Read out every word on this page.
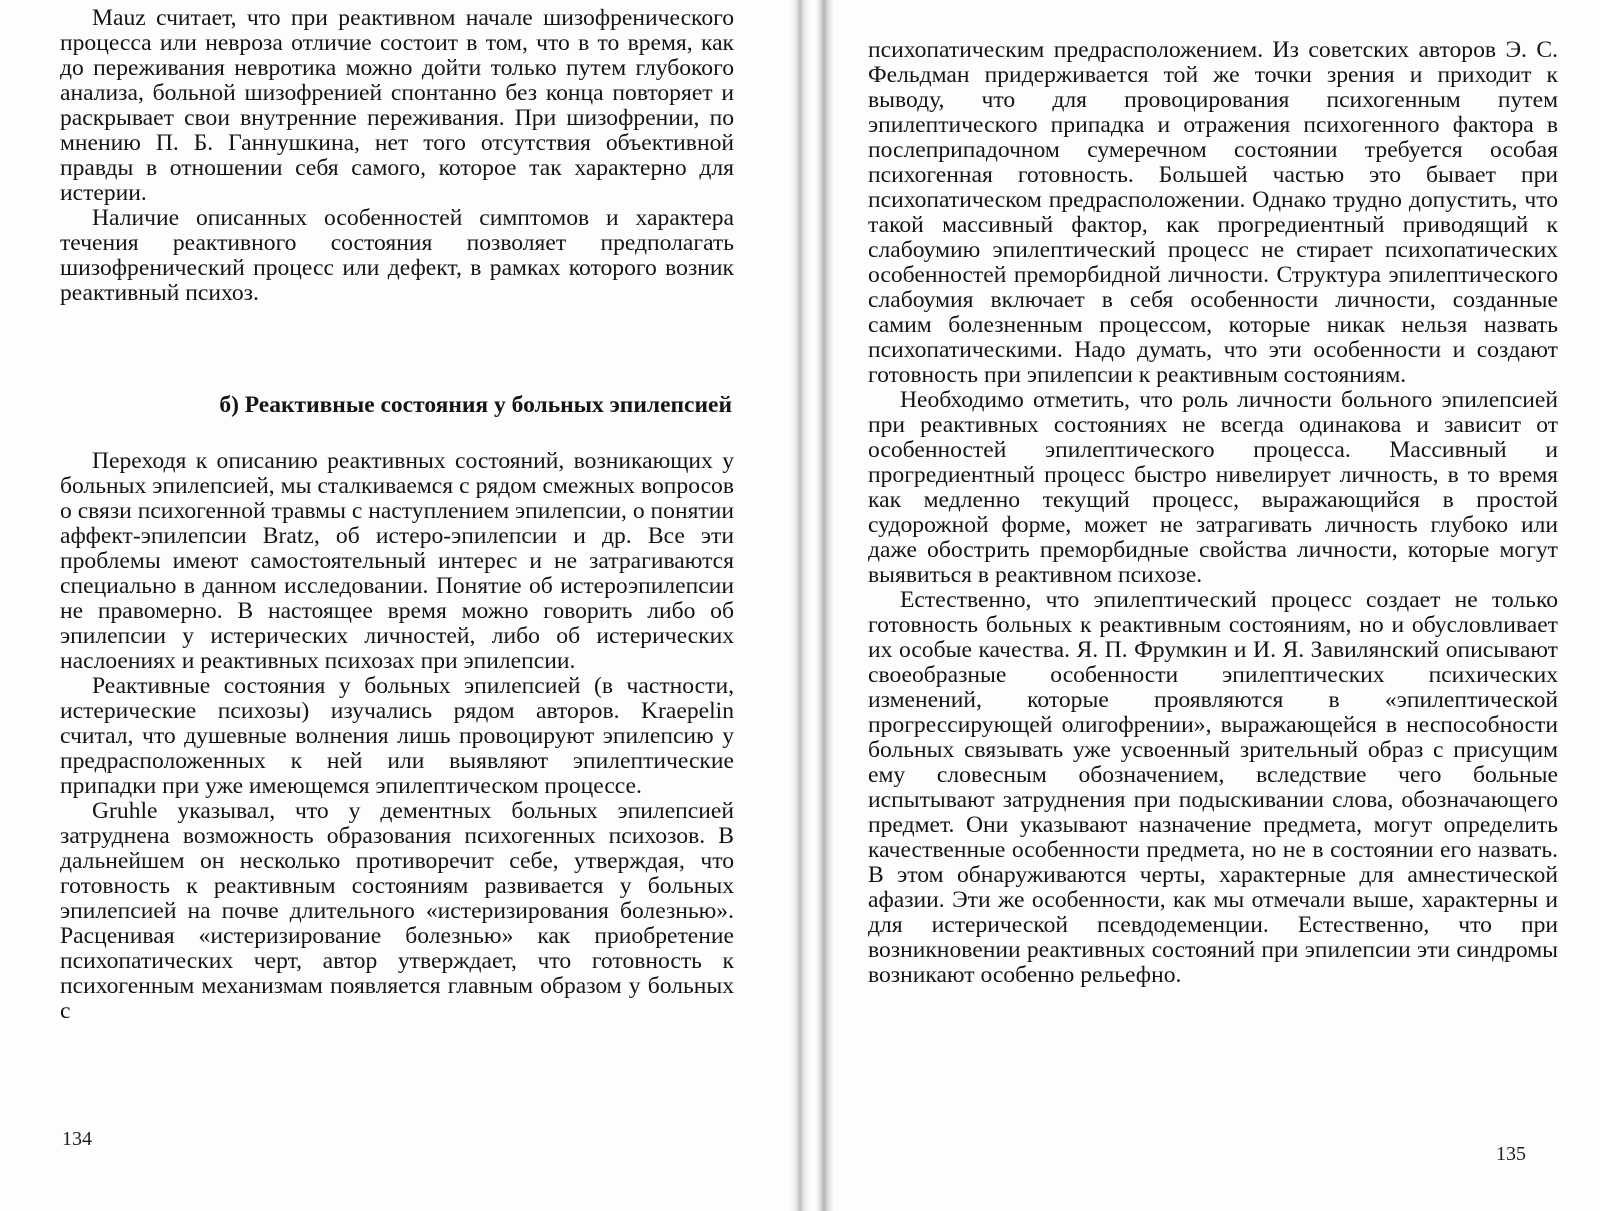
Mauz считает, что при реактивном начале шизофренического процесса или невроза отличие состоит в том, что в то время, как до переживания невротика можно дойти только путем глубокого анализа, больной шизофренией спонтанно без конца повторяет и раскрывает свои внутренние переживания. При шизофрении, по мнению П. Б. Ганнушкина, нет того отсутствия объективной правды в отношении себя самого, которое так характерно для истерии.
Наличие описанных особенностей симптомов и характера течения реактивного состояния позволяет предполагать шизофренический процесс или дефект, в рамках которого возник реактивный психоз.

б) Реактивные состояния у больных эпилепсией

Переходя к описанию реактивных состояний, возникающих у больных эпилепсией, мы сталкиваемся с рядом смежных вопросов о связи психогенной травмы с наступлением эпилепсии, о понятии аффект-эпилепсии Bratz, об истеро-эпилепсии и др. Все эти проблемы имеют самостоятельный интерес и не затрагиваются специально в данном исследовании. Понятие об истероэпилепсии не правомерно. В настоящее время можно говорить либо об эпилепсии у истерических личностей, либо об истерических наслоениях и реактивных психозах при эпилепсии.
Реактивные состояния у больных эпилепсией (в частности, истерические психозы) изучались рядом авторов. Kraepelin считал, что душевные волнения лишь провоцируют эпилепсию у предрасположенных к ней или выявляют эпилептические припадки при уже имеющемся эпилептическом процессе.
Gruhle указывал, что у дементных больных эпилепсией затруднена возможность образования психогенных психозов. В дальнейшем он несколько противоречит себе, утверждая, что готовность к реактивным состояниям развивается у больных эпилепсией на почве длительного «истеризирования болезнью». Расценивая «истеризирование болезнью» как приобретение психопатических черт, автор утверждает, что готовность к психогенным механизмам появляется главным образом у больных с
134
психопатическим предрасположением. Из советских авторов Э. С. Фельдман придерживается той же точки зрения и приходит к выводу, что для провоцирования психогенным путем эпилептического припадка и отражения психогенного фактора в послеприпадочном сумеречном состоянии требуется особая психогенная готовность. Большей частью это бывает при психопатическом предрасположении. Однако трудно допустить, что такой массивный фактор, как прогредиентный приводящий к слабоумию эпилептический процесс не стирает психопатических особенностей преморбидной личности. Структура эпилептического слабоумия включает в себя особенности личности, созданные самим болезненным процессом, которые никак нельзя назвать психопатическими. Надо думать, что эти особенности и создают готовность при эпилепсии к реактивным состояниям.
Необходимо отметить, что роль личности больного эпилепсией при реактивных состояниях не всегда одинакова и зависит от особенностей эпилептического процесса. Массивный и прогредиентный процесс быстро нивелирует личность, в то время как медленно текущий процесс, выражающийся в простой судорожной форме, может не затрагивать личность глубоко или даже обострить преморбидные свойства личности, которые могут выявиться в реактивном психозе.
Естественно, что эпилептический процесс создает не только готовность больных к реактивным состояниям, но и обусловливает их особые качества. Я. П. Фрумкин и И. Я. Завилянский описывают своеобразные особенности эпилептических психических изменений, которые проявляются в «эпилептической прогрессирующей олигофрении», выражающейся в неспособности больных связывать уже усвоенный зрительный образ с присущим ему словесным обозначением, вследствие чего больные испытывают затруднения при подыскивании слова, обозначающего предмет. Они указывают назначение предмета, могут определить качественные особенности предмета, но не в состоянии его назвать. В этом обнаруживаются черты, характерные для амнестической афазии. Эти же особенности, как мы отмечали выше, характерны и для истерической псевдодеменции. Естественно, что при возникновении реактивных состояний при эпилепсии эти синдромы возникают особенно рельефно.
135
